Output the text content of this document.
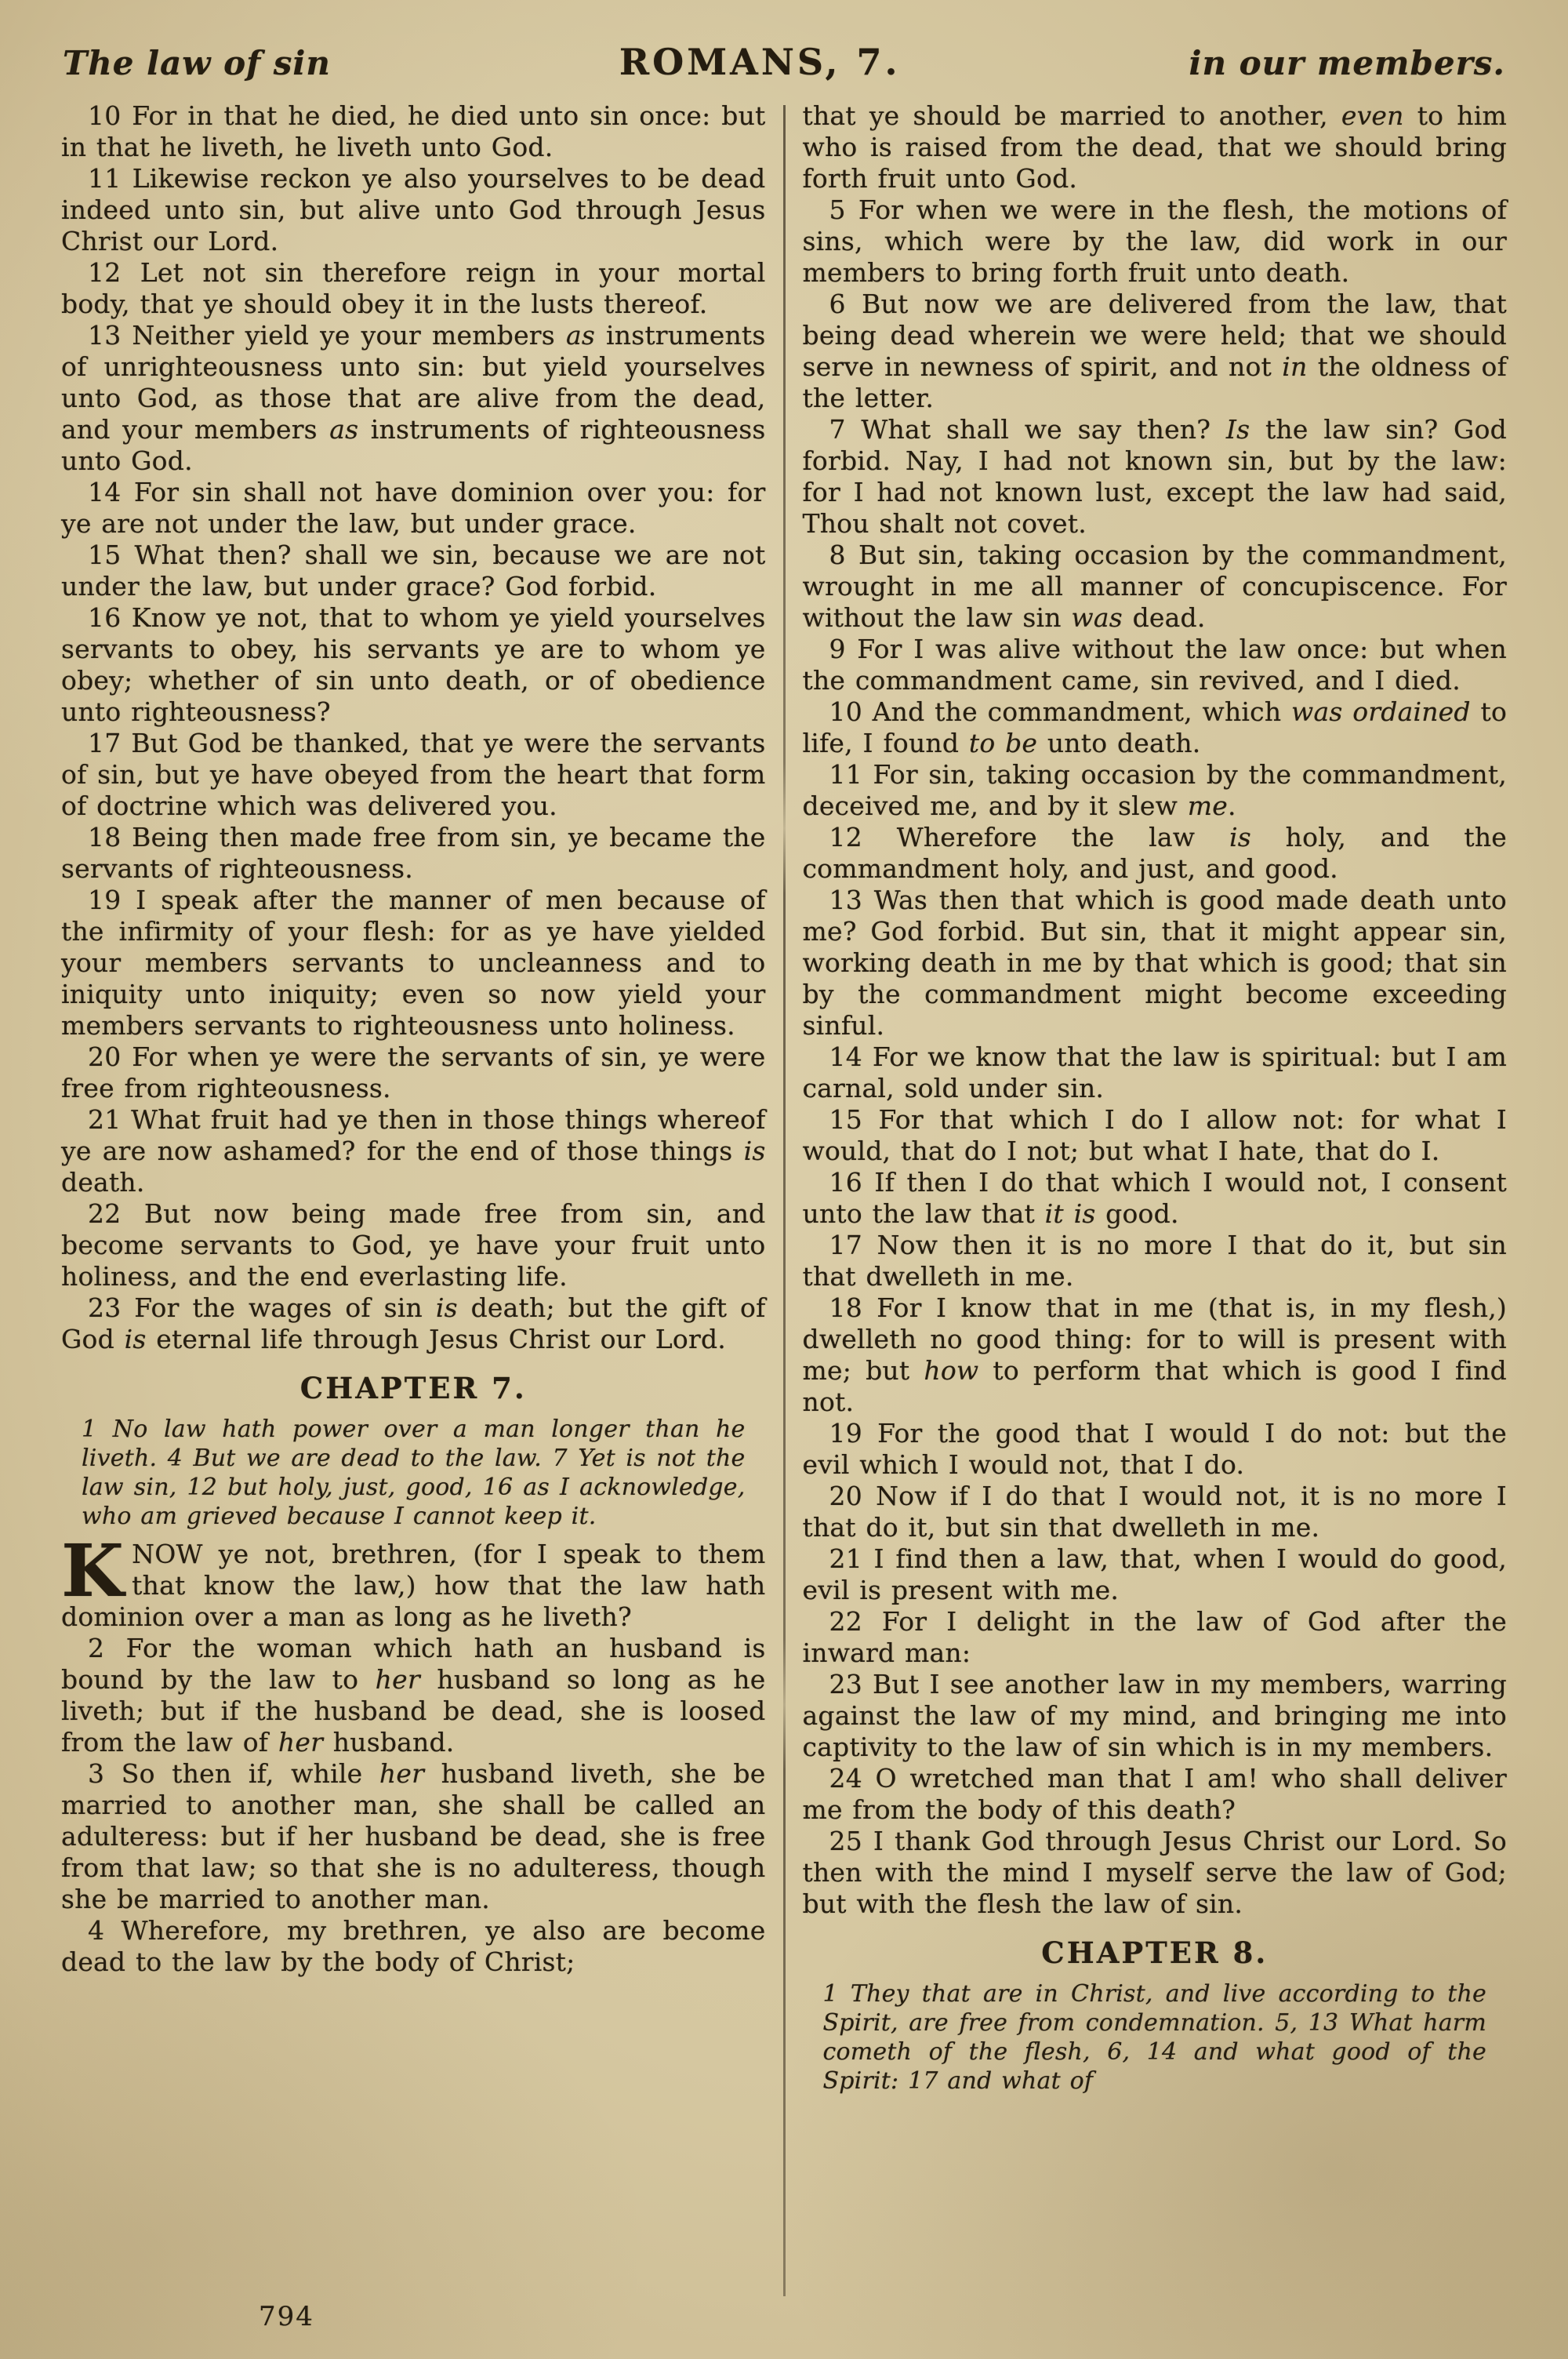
The law of sin	ROMANS, 7.	in our members.

10 For in that he died, he died unto sin once: but in that he liveth, he liveth unto God.

11 Likewise reckon ye also yourselves to be dead indeed unto sin, but alive unto God through Jesus Christ our Lord.

12 Let not sin therefore reign in your mortal body, that ye should obey it in the lusts thereof.

13 Neither yield ye your members as instruments of unrighteousness unto sin: but yield yourselves unto God, as those that are alive from the dead, and your members as instruments of righteousness unto God.

14 For sin shall not have dominion over you: for ye are not under the law, but under grace.

15 What then? shall we sin, because we are not under the law, but under grace? God forbid.

16 Know ye not, that to whom ye yield yourselves servants to obey, his servants ye are to whom ye obey; whether of sin unto death, or of obedience unto righteousness?

17 But God be thanked, that ye were the servants of sin, but ye have obeyed from the heart that form of doctrine which was delivered you.

18 Being then made free from sin, ye became the servants of righteousness.

19 I speak after the manner of men because of the infirmity of your flesh: for as ye have yielded your members servants to uncleanness and to iniquity unto iniquity; even so now yield your members servants to righteousness unto holiness.

20 For when ye were the servants of sin, ye were free from righteousness.

21 What fruit had ye then in those things whereof ye are now ashamed? for the end of those things is death.

22 But now being made free from sin, and become servants to God, ye have your fruit unto holiness, and the end everlasting life.

23 For the wages of sin is death; but the gift of God is eternal life through Jesus Christ our Lord.

CHAPTER 7.

1 No law hath power over a man longer than he liveth. 4 But we are dead to the law. 7 Yet is not the law sin, 12 but holy, just, good, 16 as I acknowledge, who am grieved because I cannot keep it.

KNOW ye not, brethren, (for I speak to them that know the law,) how that the law hath dominion over a man as long as he liveth?

2 For the woman which hath an husband is bound by the law to her husband so long as he liveth; but if the husband be dead, she is loosed from the law of her husband.

3 So then if, while her husband liveth, she be married to another man, she shall be called an adulteress: but if her husband be dead, she is free from that law; so that she is no adulteress, though she be married to another man.

4 Wherefore, my brethren, ye also are become dead to the law by the body of Christ;

that ye should be married to another, even to him who is raised from the dead, that we should bring forth fruit unto God.

5 For when we were in the flesh, the motions of sins, which were by the law, did work in our members to bring forth fruit unto death.

6 But now we are delivered from the law, that being dead wherein we were held; that we should serve in newness of spirit, and not in the oldness of the letter.

7 What shall we say then? Is the law sin? God forbid. Nay, I had not known sin, but by the law: for I had not known lust, except the law had said, Thou shalt not covet.

8 But sin, taking occasion by the commandment, wrought in me all manner of concupiscence. For without the law sin was dead.

9 For I was alive without the law once: but when the commandment came, sin revived, and I died.

10 And the commandment, which was ordained to life, I found to be unto death.

11 For sin, taking occasion by the commandment, deceived me, and by it slew me.

12 Wherefore the law is holy, and the commandment holy, and just, and good.

13 Was then that which is good made death unto me? God forbid. But sin, that it might appear sin, working death in me by that which is good; that sin by the commandment might become exceeding sinful.

14 For we know that the law is spiritual: but I am carnal, sold under sin.

15 For that which I do I allow not: for what I would, that do I not; but what I hate, that do I.

16 If then I do that which I would not, I consent unto the law that it is good.

17 Now then it is no more I that do it, but sin that dwelleth in me.

18 For I know that in me (that is, in my flesh,) dwelleth no good thing: for to will is present with me; but how to perform that which is good I find not.

19 For the good that I would I do not: but the evil which I would not, that I do.

20 Now if I do that I would not, it is no more I that do it, but sin that dwelleth in me.

21 I find then a law, that, when I would do good, evil is present with me.

22 For I delight in the law of God after the inward man:

23 But I see another law in my members, warring against the law of my mind, and bringing me into captivity to the law of sin which is in my members.

24 O wretched man that I am! who shall deliver me from the body of this death?

25 I thank God through Jesus Christ our Lord. So then with the mind I myself serve the law of God; but with the flesh the law of sin.

CHAPTER 8.

1 They that are in Christ, and live according to the Spirit, are free from condemnation. 5, 13 What harm cometh of the flesh, 6, 14 and what good of the Spirit: 17 and what of

794
